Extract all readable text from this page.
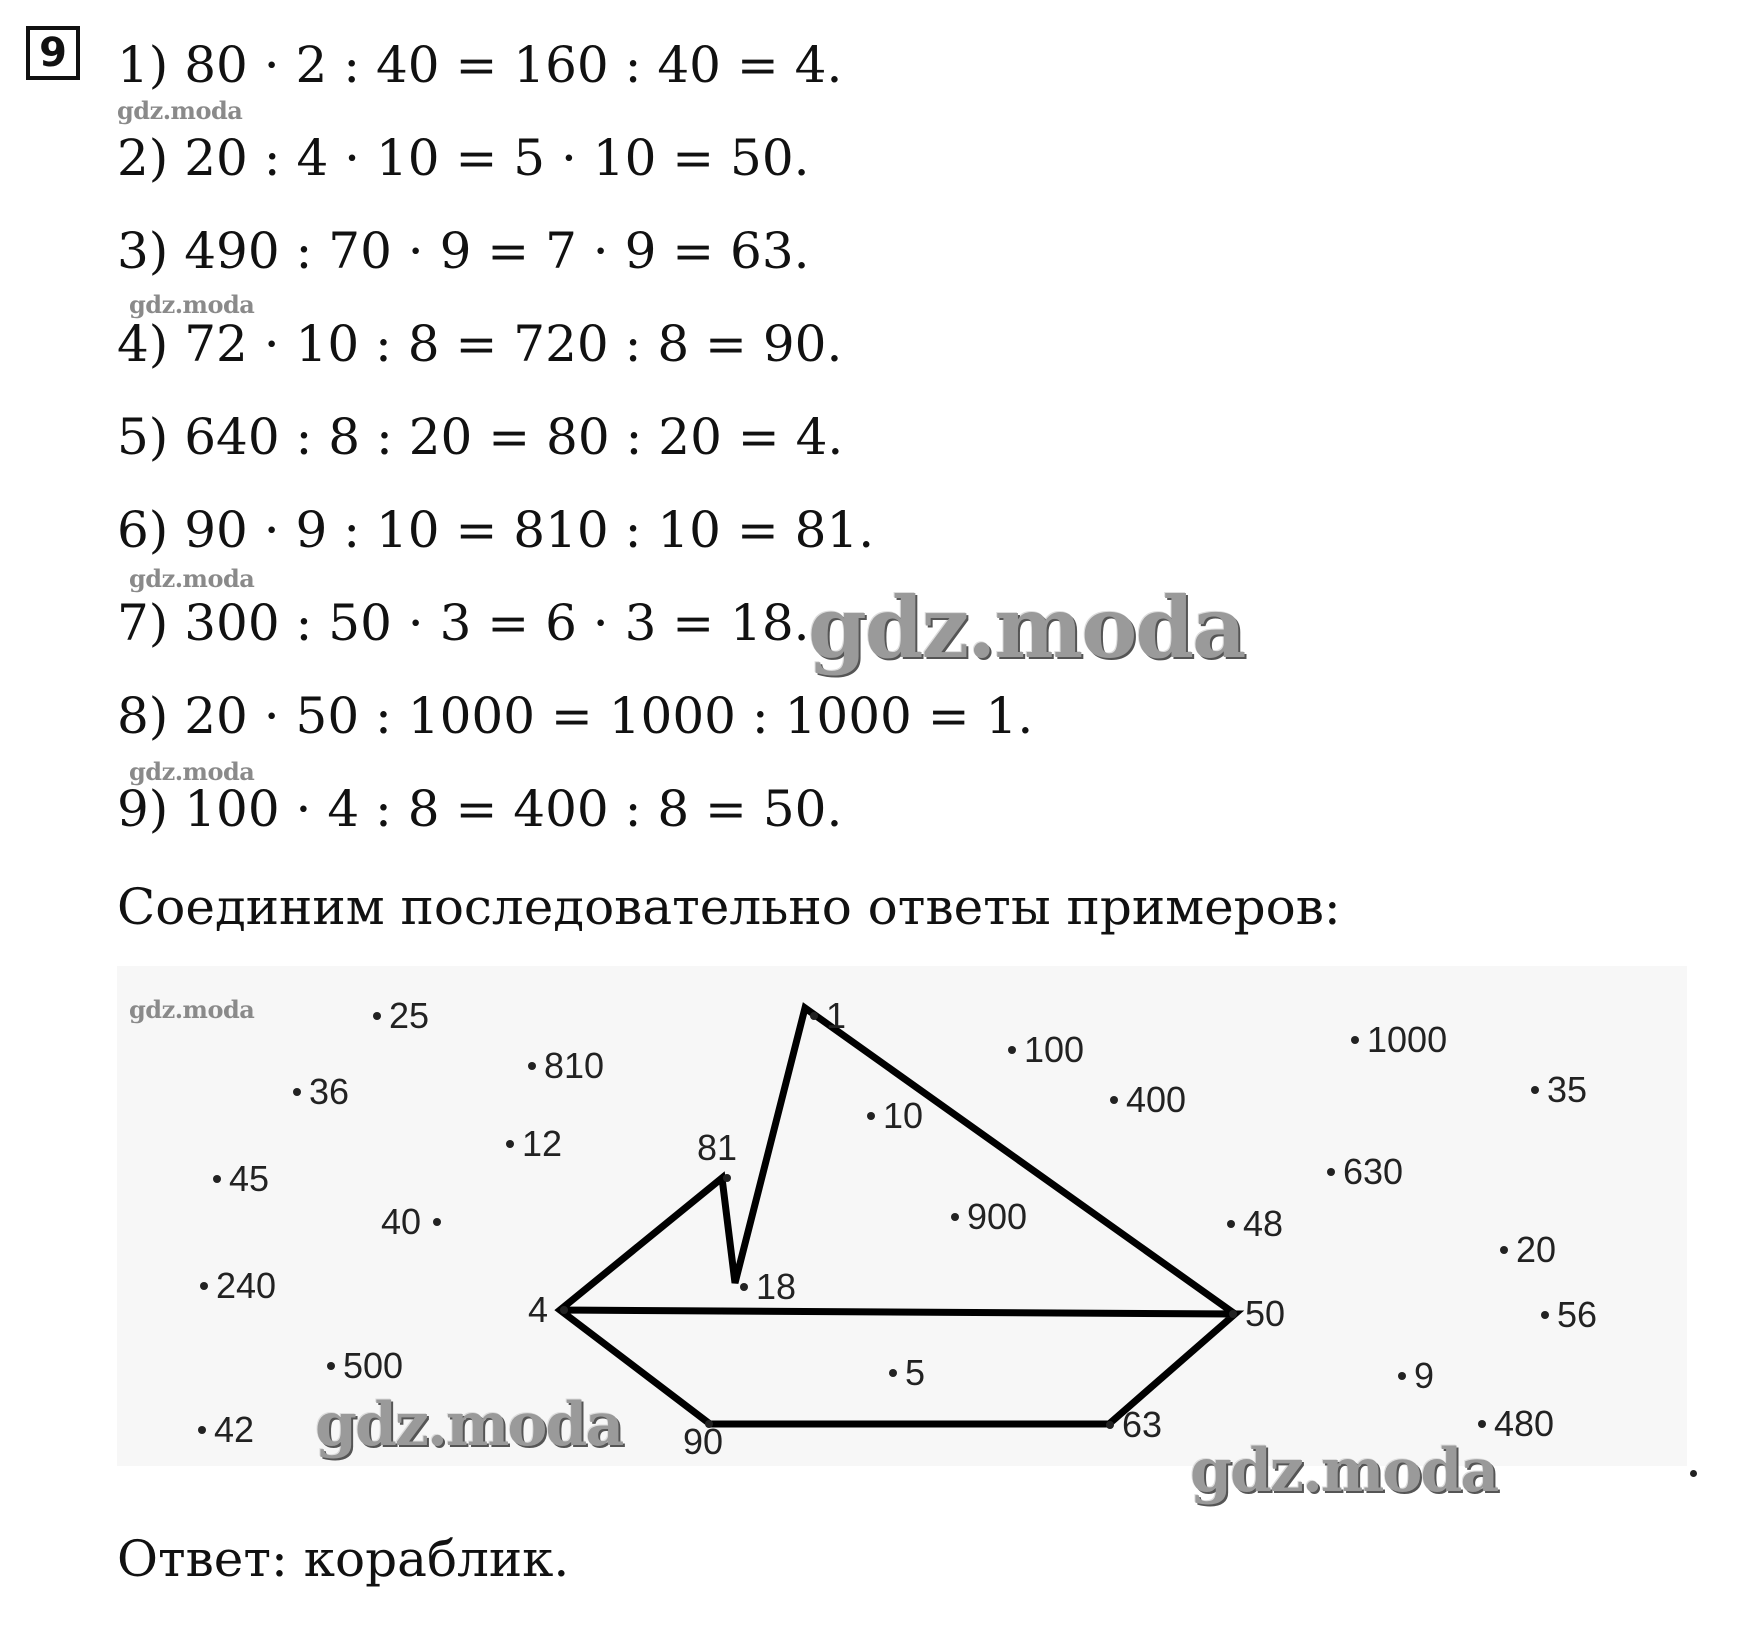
9 1) 80 · 2 : 40 = 160 : 40 = 4.
2) 20 : 4 · 10 = 5 · 10 = 50.
3) 490 : 70 · 9 = 7 · 9 = 63.
4) 72 · 10 : 8 = 720 : 8 = 90.
5) 640 : 8 : 20 = 80 : 20 = 4.
6) 90 · 9 : 10 = 810 : 10 = 81.
7) 300 : 50 · 3 = 6 · 3 = 18.
8) 20 · 50 : 1000 = 1000 : 1000 = 1.
9) 100 · 4 : 8 = 400 : 8 = 50.
Соединим последовательно ответы примеров:
25
36
810
12
45
40
240
500
42
81
1
10
100
400
900
18
4
5
90	63
50
48
630
1000
35
20
56
9
480
Ответ: кораблик.
gdz.moda
gdz.moda
gdz.moda
gdz.moda
gdz.moda
gdz.moda
gdz.moda
gdz.moda
